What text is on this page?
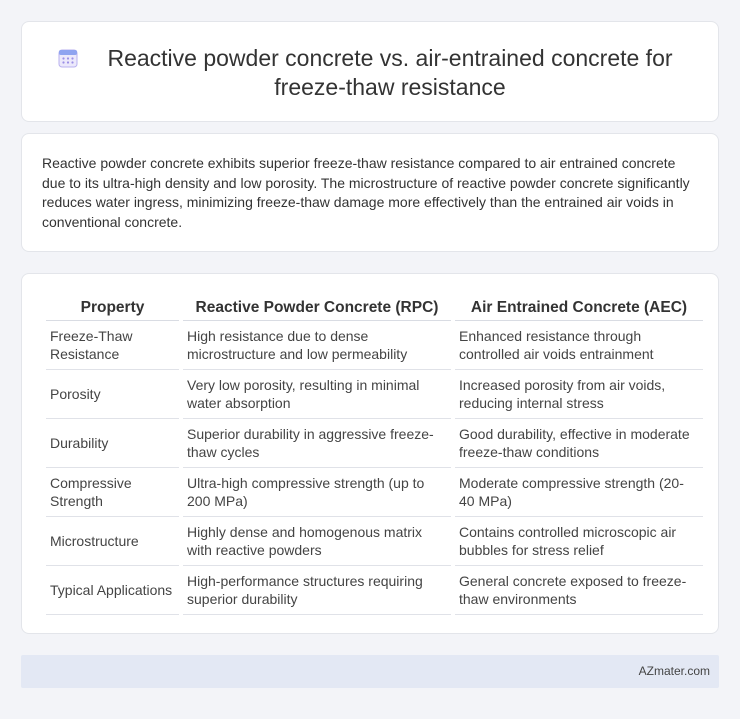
Reactive powder concrete vs. air-entrained concrete for freeze-thaw resistance

Reactive powder concrete exhibits superior freeze-thaw resistance compared to air entrained concrete due to its ultra-high density and low porosity. The microstructure of reactive powder concrete significantly reduces water ingress, minimizing freeze-thaw damage more effectively than the entrained air voids in conventional concrete.

Property	Reactive Powder Concrete (RPC)	Air Entrained Concrete (AEC)
Freeze-Thaw Resistance	High resistance due to dense microstructure and low permeability	Enhanced resistance through controlled air voids entrainment
Porosity	Very low porosity, resulting in minimal water absorption	Increased porosity from air voids, reducing internal stress
Durability	Superior durability in aggressive freeze-thaw cycles	Good durability, effective in moderate freeze-thaw conditions
Compressive Strength	Ultra-high compressive strength (up to 200 MPa)	Moderate compressive strength (20-40 MPa)
Microstructure	Highly dense and homogenous matrix with reactive powders	Contains controlled microscopic air bubbles for stress relief
Typical Applications	High-performance structures requiring superior durability	General concrete exposed to freeze-thaw environments
AZmater.com
